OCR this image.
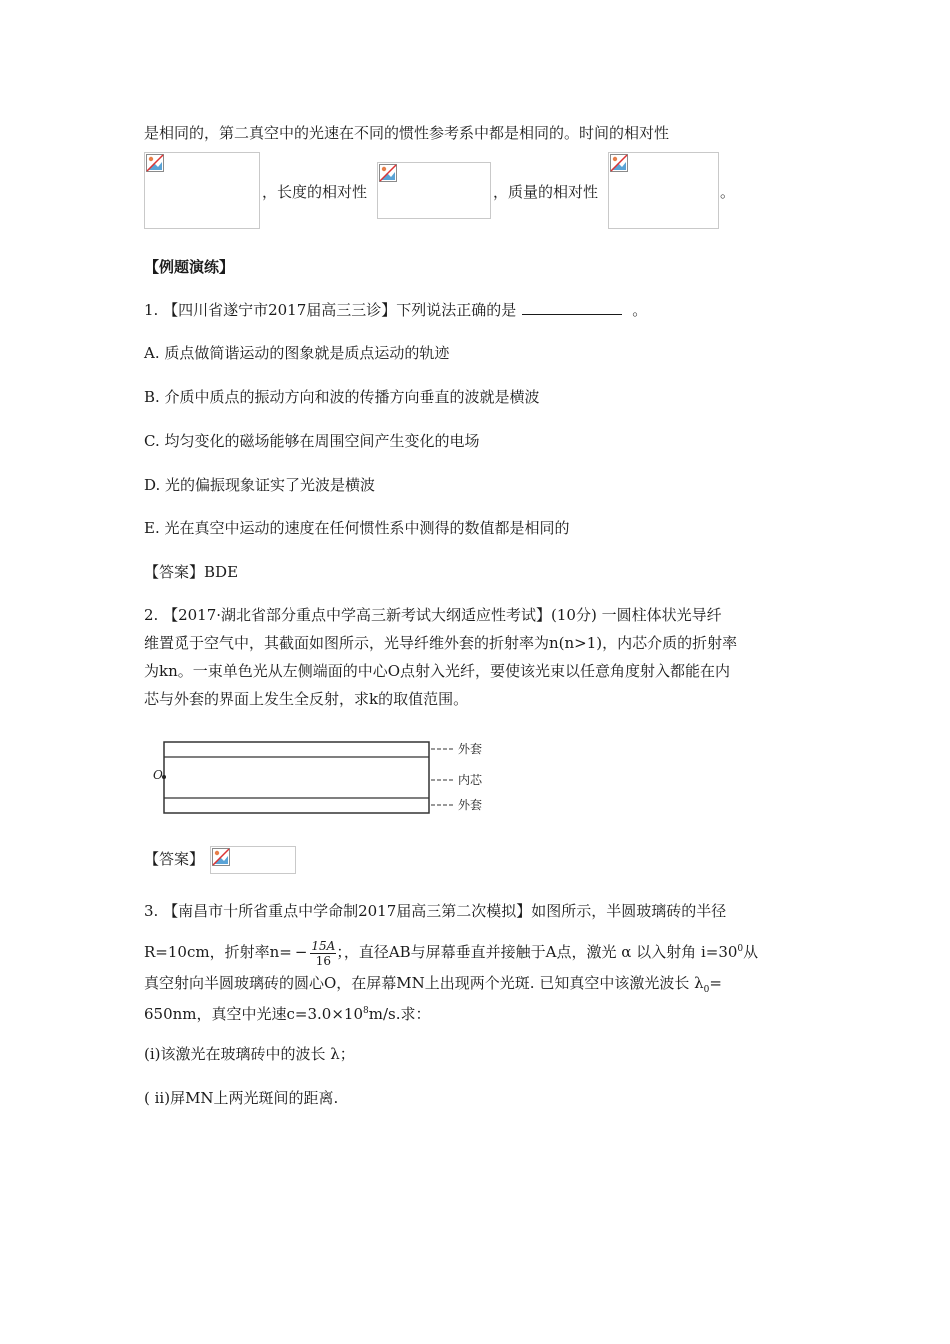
是相同的，第二真空中的光速在不同的惯性参考系中都是相同的。时间的相对性
，长度的相对性	，质量的相对性	。
【例题演练】
1. 【四川省遂宁市2017届高三三诊】下列说法正确的是	。
A. 质点做简谐运动的图象就是质点运动的轨迹
B. 介质中质点的振动方向和波的传播方向垂直的波就是横波
C. 均匀变化的磁场能够在周围空间产生变化的电场
D. 光的偏振现象证实了光波是横波
E. 光在真空中运动的速度在任何惯性系中测得的数值都是相同的
【答案】BDE
2. 【2017·湖北省部分重点中学高三新考试大纲适应性考试】(10分) 一圆柱体状光导纤
维置觅于空气中，其截面如图所示，光导纤维外套的折射率为n(n>1)，内芯介质的折射率
为kn。一束单色光从左侧端面的中心O点射入光纤，要使该光束以任意角度射入都能在内
芯与外套的界面上发生全反射，求k的取值范围。
O
外套
内芯
外套
【答案】
3. 【南昌市十所省重点中学命制2017届高三第二次模拟】如图所示，半圆玻璃砖的半径
R=10cm，折射率$n= - \frac{15A}{16}$ ；，直径AB与屏幕垂直并接触于A点，激光 α 以入射角 $i=30^0$从
真空射向半圆玻璃砖的圆心O，在屏幕MN上出现两个光斑. 已知真空中该激光波长 $\lambda_0=$
650nm，真空中光速$c=3.0\times 10^8m/s$.求：
(i)该激光在玻璃砖中的波长 λ；
( ii)屏MN上两光斑间的距离.
